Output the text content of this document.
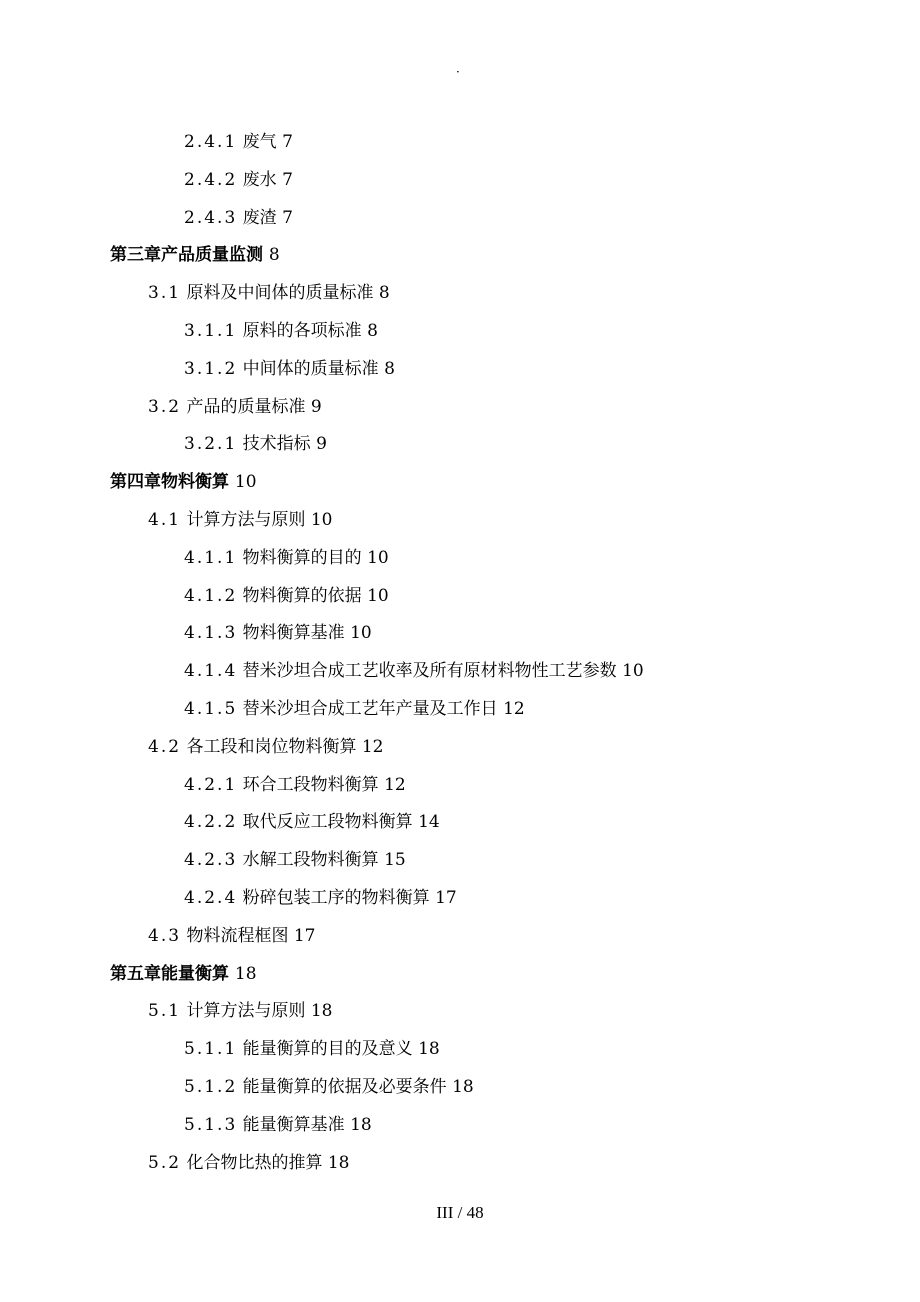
·
2.4.1 废气 7
2.4.2 废水 7
2.4.3 废渣 7
第三章产品质量监测 8
3.1 原料及中间体的质量标准 8
3.1.1 原料的各项标准 8
3.1.2 中间体的质量标准 8
3.2 产品的质量标准 9
3.2.1 技术指标 9
第四章物料衡算 10
4.1 计算方法与原则 10
4.1.1 物料衡算的目的 10
4.1.2 物料衡算的依据 10
4.1.3 物料衡算基准 10
4.1.4 替米沙坦合成工艺收率及所有原材料物性工艺参数 10
4.1.5 替米沙坦合成工艺年产量及工作日 12
4.2 各工段和岗位物料衡算 12
4.2.1 环合工段物料衡算 12
4.2.2 取代反应工段物料衡算 14
4.2.3 水解工段物料衡算 15
4.2.4 粉碎包装工序的物料衡算 17
4.3 物料流程框图 17
第五章能量衡算 18
5.1 计算方法与原则 18
5.1.1 能量衡算的目的及意义 18
5.1.2 能量衡算的依据及必要条件 18
5.1.3 能量衡算基准 18
5.2 化合物比热的推算 18
III / 48
